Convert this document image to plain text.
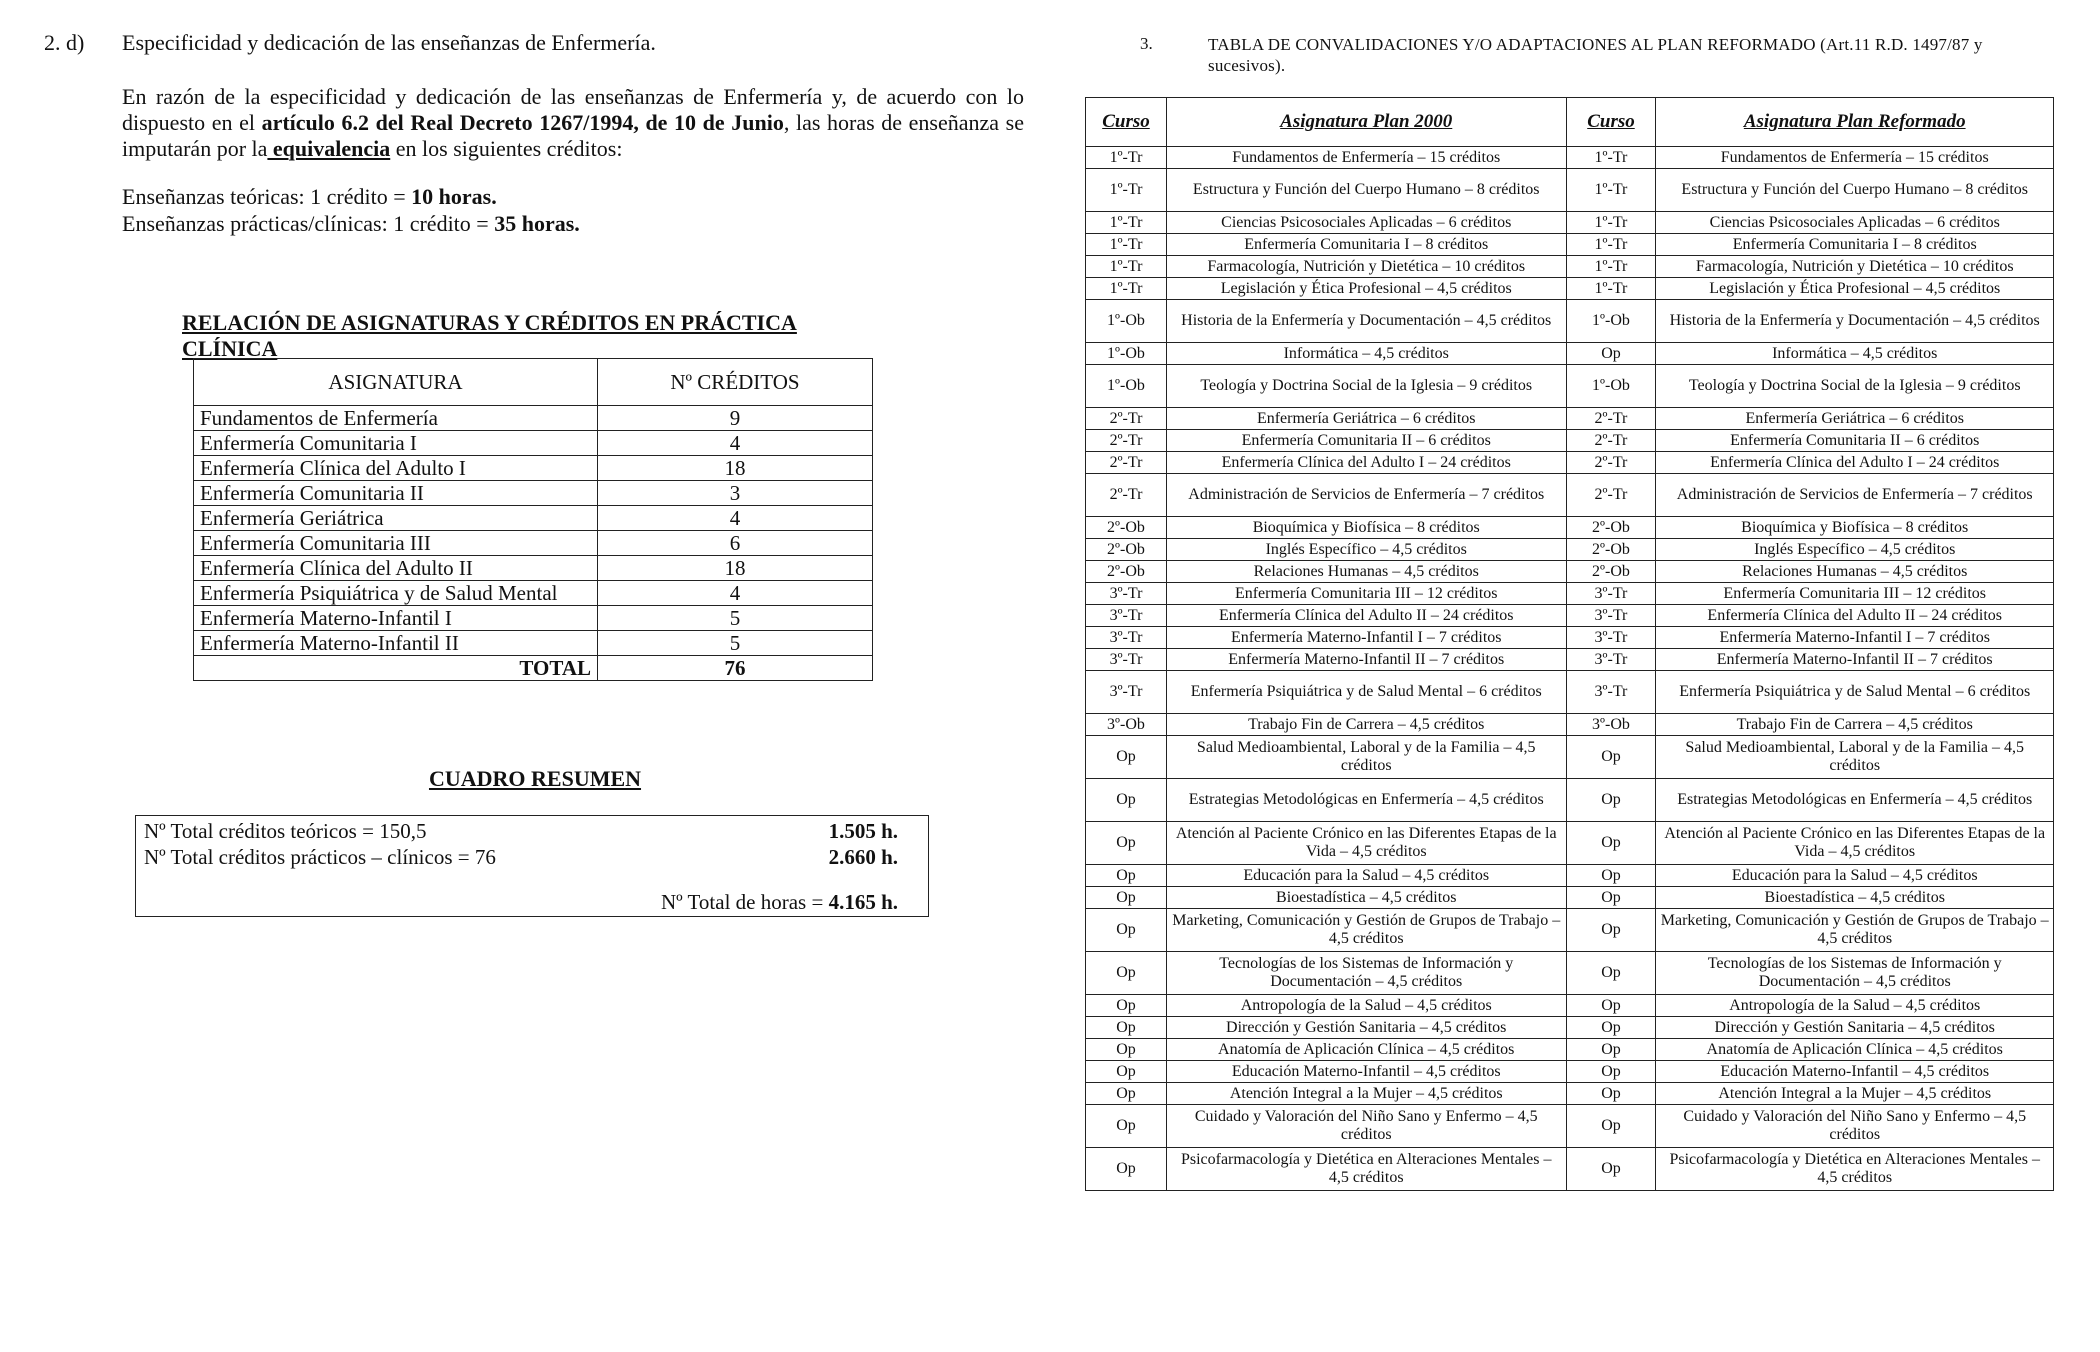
2. d) Especificidad y dedicación de las enseñanzas de Enfermería.
En razón de la especificidad y dedicación de las enseñanzas de Enfermería y, de acuerdo con lo dispuesto en el artículo 6.2 del Real Decreto 1267/1994, de 10 de Junio, las horas de enseñanza se imputarán por la equivalencia en los siguientes créditos:
Enseñanzas teóricas: 1 crédito = 10 horas.
Enseñanzas prácticas/clínicas: 1 crédito = 35 horas.
RELACIÓN DE ASIGNATURAS Y CRÉDITOS EN PRÁCTICA CLÍNICA
ASIGNATURA	Nº CRÉDITOS
Fundamentos de Enfermería	9
Enfermería Comunitaria I	4
Enfermería Clínica del Adulto I	18
Enfermería Comunitaria II	3
Enfermería Geriátrica	4
Enfermería Comunitaria III	6
Enfermería Clínica del Adulto II	18
Enfermería Psiquiátrica y de Salud Mental	4
Enfermería Materno-Infantil I	5
Enfermería Materno-Infantil II	5
TOTAL	76
CUADRO RESUMEN
Nº Total créditos teóricos = 150,5	1.505 h.
Nº Total créditos prácticos – clínicos = 76	2.660 h.
Nº Total de horas = 4.165 h.
3.	TABLA DE CONVALIDACIONES Y/O ADAPTACIONES AL PLAN REFORMADO (Art.11 R.D. 1497/87 y sucesivos).
Curso	Asignatura Plan 2000	Curso	Asignatura Plan Reformado
1º-Tr	Fundamentos de Enfermería – 15 créditos	1º-Tr	Fundamentos de Enfermería – 15 créditos
1º-Tr	Estructura y Función del Cuerpo Humano – 8 créditos	1º-Tr	Estructura y Función del Cuerpo Humano – 8 créditos
1º-Tr	Ciencias Psicosociales Aplicadas – 6 créditos	1º-Tr	Ciencias Psicosociales Aplicadas – 6 créditos
1º-Tr	Enfermería Comunitaria I – 8 créditos	1º-Tr	Enfermería Comunitaria I – 8 créditos
1º-Tr	Farmacología, Nutrición y Dietética – 10 créditos	1º-Tr	Farmacología, Nutrición y Dietética – 10 créditos
1º-Tr	Legislación y Ética Profesional – 4,5 créditos	1º-Tr	Legislación y Ética Profesional – 4,5 créditos
1º-Ob	Historia de la Enfermería y Documentación – 4,5 créditos	1º-Ob	Historia de la Enfermería y Documentación – 4,5 créditos
1º-Ob	Informática – 4,5 créditos	Op	Informática – 4,5 créditos
1º-Ob	Teología y Doctrina Social de la Iglesia – 9 créditos	1º-Ob	Teología y Doctrina Social de la Iglesia – 9 créditos
2º-Tr	Enfermería Geriátrica – 6 créditos	2º-Tr	Enfermería Geriátrica – 6 créditos
2º-Tr	Enfermería Comunitaria II – 6 créditos	2º-Tr	Enfermería Comunitaria II – 6 créditos
2º-Tr	Enfermería Clínica del Adulto I – 24 créditos	2º-Tr	Enfermería Clínica del Adulto I – 24 créditos
2º-Tr	Administración de Servicios de Enfermería – 7 créditos	2º-Tr	Administración de Servicios de Enfermería – 7 créditos
2º-Ob	Bioquímica y Biofísica – 8 créditos	2º-Ob	Bioquímica y Biofísica – 8 créditos
2º-Ob	Inglés Específico – 4,5 créditos	2º-Ob	Inglés Específico – 4,5 créditos
2º-Ob	Relaciones Humanas – 4,5 créditos	2º-Ob	Relaciones Humanas – 4,5 créditos
3º-Tr	Enfermería Comunitaria III – 12 créditos	3º-Tr	Enfermería Comunitaria III – 12 créditos
3º-Tr	Enfermería Clínica del Adulto II – 24 créditos	3º-Tr	Enfermería Clínica del Adulto II – 24 créditos
3º-Tr	Enfermería Materno-Infantil I – 7 créditos	3º-Tr	Enfermería Materno-Infantil I – 7 créditos
3º-Tr	Enfermería Materno-Infantil II – 7 créditos	3º-Tr	Enfermería Materno-Infantil II – 7 créditos
3º-Tr	Enfermería Psiquiátrica y de Salud Mental – 6 créditos	3º-Tr	Enfermería Psiquiátrica y de Salud Mental – 6 créditos
3º-Ob	Trabajo Fin de Carrera – 4,5 créditos	3º-Ob	Trabajo Fin de Carrera – 4,5 créditos
Op	Salud Medioambiental, Laboral y de la Familia – 4,5 créditos	Op	Salud Medioambiental, Laboral y de la Familia – 4,5 créditos
Op	Estrategias Metodológicas en Enfermería – 4,5 créditos	Op	Estrategias Metodológicas en Enfermería – 4,5 créditos
Op	Atención al Paciente Crónico en las Diferentes Etapas de la Vida – 4,5 créditos	Op	Atención al Paciente Crónico en las Diferentes Etapas de la Vida – 4,5 créditos
Op	Educación para la Salud – 4,5 créditos	Op	Educación para la Salud – 4,5 créditos
Op	Bioestadística – 4,5 créditos	Op	Bioestadística – 4,5 créditos
Op	Marketing, Comunicación y Gestión de Grupos de Trabajo – 4,5 créditos	Op	Marketing, Comunicación y Gestión de Grupos de Trabajo – 4,5 créditos
Op	Tecnologías de los Sistemas de Información y Documentación – 4,5 créditos	Op	Tecnologías de los Sistemas de Información y Documentación – 4,5 créditos
Op	Antropología de la Salud – 4,5 créditos	Op	Antropología de la Salud – 4,5 créditos
Op	Dirección y Gestión Sanitaria – 4,5 créditos	Op	Dirección y Gestión Sanitaria – 4,5 créditos
Op	Anatomía de Aplicación Clínica – 4,5 créditos	Op	Anatomía de Aplicación Clínica – 4,5 créditos
Op	Educación Materno-Infantil – 4,5 créditos	Op	Educación Materno-Infantil – 4,5 créditos
Op	Atención Integral a la Mujer – 4,5 créditos	Op	Atención Integral a la Mujer – 4,5 créditos
Op	Cuidado y Valoración del Niño Sano y Enfermo – 4,5 créditos	Op	Cuidado y Valoración del Niño Sano y Enfermo – 4,5 créditos
Op	Psicofarmacología y Dietética en Alteraciones Mentales – 4,5 créditos	Op	Psicofarmacología y Dietética en Alteraciones Mentales – 4,5 créditos
